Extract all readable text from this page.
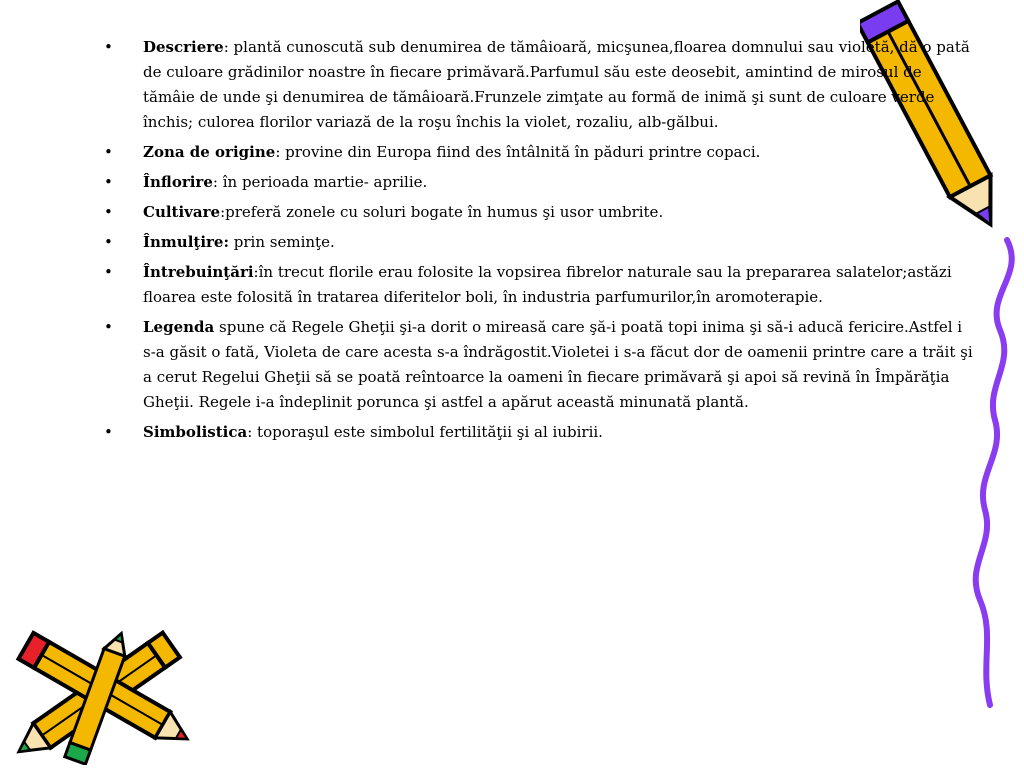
• Descriere: plantă cunoscută sub denumirea de tămâioară, micşunea,floarea domnului sau violetă, dă o pată de culoare grădinilor noastre în fiecare primăvară.Parfumul său este deosebit, amintind de mirosul de tămâie de unde şi denumirea de tămâioară.Frunzele zimţate au formă de inimă şi sunt de culoare verde închis; culorea florilor variază de la roşu închis la violet, rozaliu, alb-gălbui.
• Zona de origine: provine din Europa fiind des întâlnită în păduri printre copaci.
• Înflorire: în perioada martie- aprilie.
• Cultivare:preferă zonele cu soluri bogate în humus şi usor umbrite.
• Înmulţire: prin seminţe.
• Întrebuinţări:în trecut florile erau folosite la vopsirea fibrelor naturale sau la prepararea salatelor;astăzi floarea este folosită în tratarea diferitelor boli, în industria parfumurilor,în aromoterapie.
• Legenda spune că Regele Gheţii şi-a dorit o mireasă care şă-i poată topi inima şi să-i aducă fericire.Astfel i s-a găsit o fată, Violeta de care acesta s-a îndrăgostit.Violetei i s-a făcut dor de oamenii printre care a trăit şi a cerut Regelui Gheţii să se poată reîntoarce la oameni în fiecare primăvară şi apoi să revină în Împărăţia Gheţii. Regele i-a îndeplinit porunca şi astfel a apărut această minunată plantă.
• Simbolistica: toporaşul este simbolul fertilităţii şi al iubirii.
